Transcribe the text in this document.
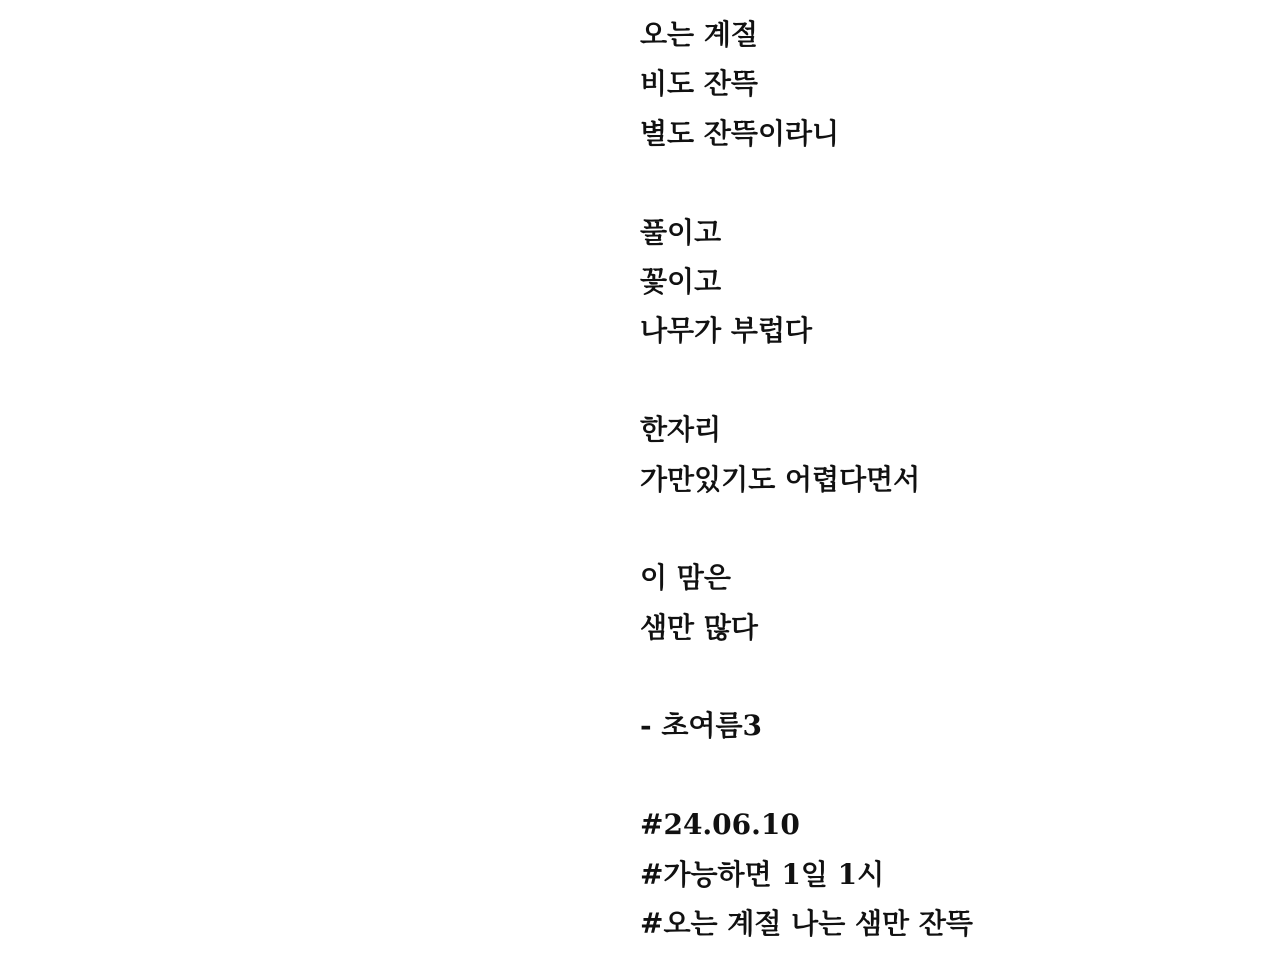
오는 계절
비도 잔뜩
별도 잔뜩이라니
풀이고
꽃이고
나무가 부럽다
한자리
가만있기도 어렵다면서
이 맘은
샘만 많다
- 초여름3
#24.06.10
#가능하면 1일 1시
#오는 계절 나는 샘만 잔뜩
